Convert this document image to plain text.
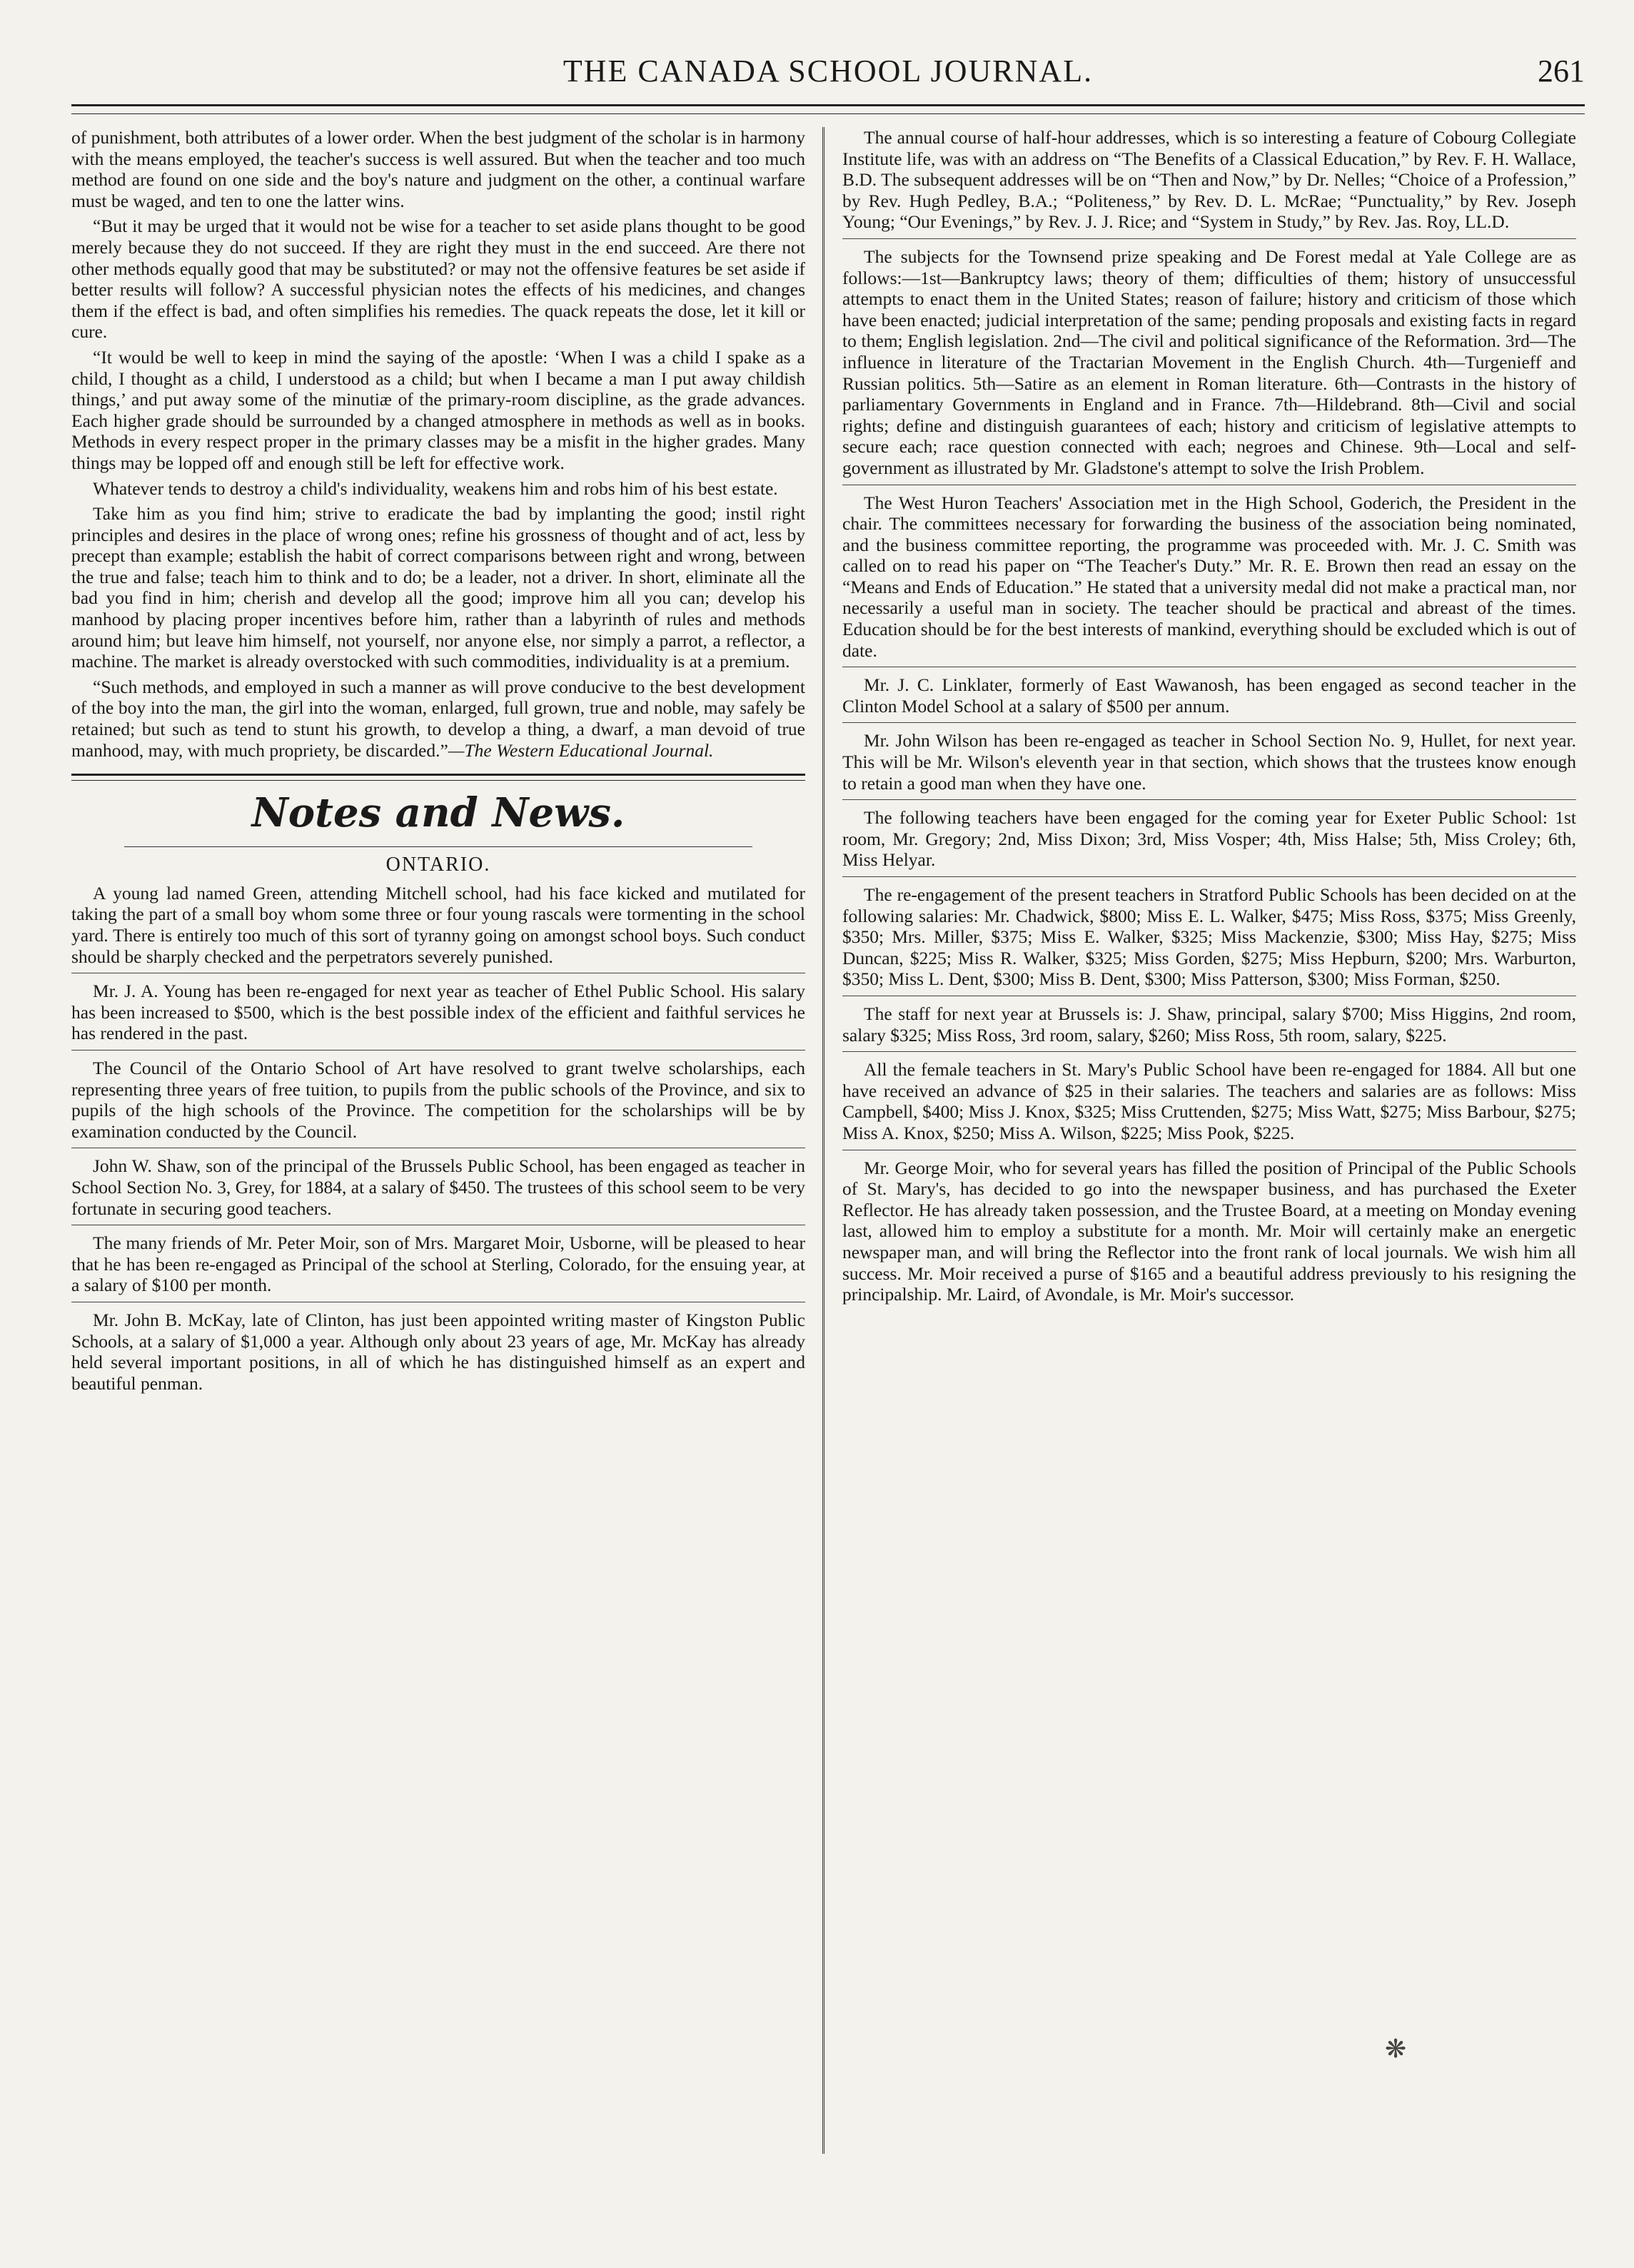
THE CANADA SCHOOL JOURNAL.	261

of punishment, both attributes of a lower order. When the best judgment of the scholar is in harmony with the means employed, the teacher's success is well assured. But when the teacher and too much method are found on one side and the boy's nature and judgment on the other, a continual warfare must be waged, and ten to one the latter wins.

“But it may be urged that it would not be wise for a teacher to set aside plans thought to be good merely because they do not succeed. If they are right they must in the end succeed. Are there not other methods equally good that may be substituted? or may not the offensive features be set aside if better results will follow? A successful physician notes the effects of his medicines, and changes them if the effect is bad, and often simplifies his remedies. The quack repeats the dose, let it kill or cure.

“It would be well to keep in mind the saying of the apostle: ‘When I was a child I spake as a child, I thought as a child, I understood as a child; but when I became a man I put away childish things,’ and put away some of the minutiæ of the primary-room discipline, as the grade advances. Each higher grade should be surrounded by a changed atmosphere in methods as well as in books. Methods in every respect proper in the primary classes may be a misfit in the higher grades. Many things may be lopped off and enough still be left for effective work.

Whatever tends to destroy a child's individuality, weakens him and robs him of his best estate.

Take him as you find him; strive to eradicate the bad by implanting the good; instil right principles and desires in the place of wrong ones; refine his grossness of thought and of act, less by precept than example; establish the habit of correct comparisons between right and wrong, between the true and false; teach him to think and to do; be a leader, not a driver. In short, eliminate all the bad you find in him; cherish and develop all the good; improve him all you can; develop his manhood by placing proper incentives before him, rather than a labyrinth of rules and methods around him; but leave him himself, not yourself, nor anyone else, nor simply a parrot, a reflector, a machine. The market is already overstocked with such commodities, individuality is at a premium.

“Such methods, and employed in such a manner as will prove conducive to the best development of the boy into the man, the girl into the woman, enlarged, full grown, true and noble, may safely be retained; but such as tend to stunt his growth, to develop a thing, a dwarf, a man devoid of true manhood, may, with much propriety, be discarded.”—The Western Educational Journal.

Notes and News.
ONTARIO.

A young lad named Green, attending Mitchell school, had his face kicked and mutilated for taking the part of a small boy whom some three or four young rascals were tormenting in the school yard. There is entirely too much of this sort of tyranny going on amongst school boys. Such conduct should be sharply checked and the perpetrators severely punished.

Mr. J. A. Young has been re-engaged for next year as teacher of Ethel Public School. His salary has been increased to $500, which is the best possible index of the efficient and faithful services he has rendered in the past.

The Council of the Ontario School of Art have resolved to grant twelve scholarships, each representing three years of free tuition, to pupils from the public schools of the Province, and six to pupils of the high schools of the Province. The competition for the scholarships will be by examination conducted by the Council.

John W. Shaw, son of the principal of the Brussels Public School, has been engaged as teacher in School Section No. 3, Grey, for 1884, at a salary of $450. The trustees of this school seem to be very fortunate in securing good teachers.

The many friends of Mr. Peter Moir, son of Mrs. Margaret Moir, Usborne, will be pleased to hear that he has been re-engaged as Principal of the school at Sterling, Colorado, for the ensuing year, at a salary of $100 per month.

Mr. John B. McKay, late of Clinton, has just been appointed writing master of Kingston Public Schools, at a salary of $1,000 a year. Although only about 23 years of age, Mr. McKay has already held several important positions, in all of which he has distinguished himself as an expert and beautiful penman.

The annual course of half-hour addresses, which is so interesting a feature of Cobourg Collegiate Institute life, was with an address on “The Benefits of a Classical Education,” by Rev. F. H. Wallace, B.D. The subsequent addresses will be on “Then and Now,” by Dr. Nelles; “Choice of a Profession,” by Rev. Hugh Pedley, B.A.; “Politeness,” by Rev. D. L. McRae; “Punctuality,” by Rev. Joseph Young; “Our Evenings,” by Rev. J. J. Rice; and “System in Study,” by Rev. Jas. Roy, LL.D.

The subjects for the Townsend prize speaking and De Forest medal at Yale College are as follows:—1st—Bankruptcy laws; theory of them; difficulties of them; history of unsuccessful attempts to enact them in the United States; reason of failure; history and criticism of those which have been enacted; judicial interpretation of the same; pending proposals and existing facts in regard to them; English legislation. 2nd—The civil and political significance of the Reformation. 3rd—The influence in literature of the Tractarian Movement in the English Church. 4th—Turgenieff and Russian politics. 5th—Satire as an element in Roman literature. 6th—Contrasts in the history of parliamentary Governments in England and in France. 7th—Hildebrand. 8th—Civil and social rights; define and distinguish guarantees of each; history and criticism of legislative attempts to secure each; race question connected with each; negroes and Chinese. 9th—Local and self-government as illustrated by Mr. Gladstone's attempt to solve the Irish Problem.

The West Huron Teachers' Association met in the High School, Goderich, the President in the chair. The committees necessary for forwarding the business of the association being nominated, and the business committee reporting, the programme was proceeded with. Mr. J. C. Smith was called on to read his paper on “The Teacher's Duty.” Mr. R. E. Brown then read an essay on the “Means and Ends of Education.” He stated that a university medal did not make a practical man, nor necessarily a useful man in society. The teacher should be practical and abreast of the times. Education should be for the best interests of mankind, everything should be excluded which is out of date.

Mr. J. C. Linklater, formerly of East Wawanosh, has been engaged as second teacher in the Clinton Model School at a salary of $500 per annum.

Mr. John Wilson has been re-engaged as teacher in School Section No. 9, Hullet, for next year. This will be Mr. Wilson's eleventh year in that section, which shows that the trustees know enough to retain a good man when they have one.

The following teachers have been engaged for the coming year for Exeter Public School: 1st room, Mr. Gregory; 2nd, Miss Dixon; 3rd, Miss Vosper; 4th, Miss Halse; 5th, Miss Croley; 6th, Miss Helyar.

The re-engagement of the present teachers in Stratford Public Schools has been decided on at the following salaries: Mr. Chadwick, $800; Miss E. L. Walker, $475; Miss Ross, $375; Miss Greenly, $350; Mrs. Miller, $375; Miss E. Walker, $325; Miss Mackenzie, $300; Miss Hay, $275; Miss Duncan, $225; Miss R. Walker, $325; Miss Gorden, $275; Miss Hepburn, $200; Mrs. Warburton, $350; Miss L. Dent, $300; Miss B. Dent, $300; Miss Patterson, $300; Miss Forman, $250.

The staff for next year at Brussels is: J. Shaw, principal, salary $700; Miss Higgins, 2nd room, salary $325; Miss Ross, 3rd room, salary, $260; Miss Ross, 5th room, salary, $225.

All the female teachers in St. Mary's Public School have been re-engaged for 1884. All but one have received an advance of $25 in their salaries. The teachers and salaries are as follows: Miss Campbell, $400; Miss J. Knox, $325; Miss Cruttenden, $275; Miss Watt, $275; Miss Barbour, $275; Miss A. Knox, $250; Miss A. Wilson, $225; Miss Pook, $225.

Mr. George Moir, who for several years has filled the position of Principal of the Public Schools of St. Mary's, has decided to go into the newspaper business, and has purchased the Exeter Reflector. He has already taken possession, and the Trustee Board, at a meeting on Monday evening last, allowed him to employ a substitute for a month. Mr. Moir will certainly make an energetic newspaper man, and will bring the Reflector into the front rank of local journals. We wish him all success. Mr. Moir received a purse of $165 and a beautiful address previously to his resigning the principalship. Mr. Laird, of Avondale, is Mr. Moir's successor.

❋
